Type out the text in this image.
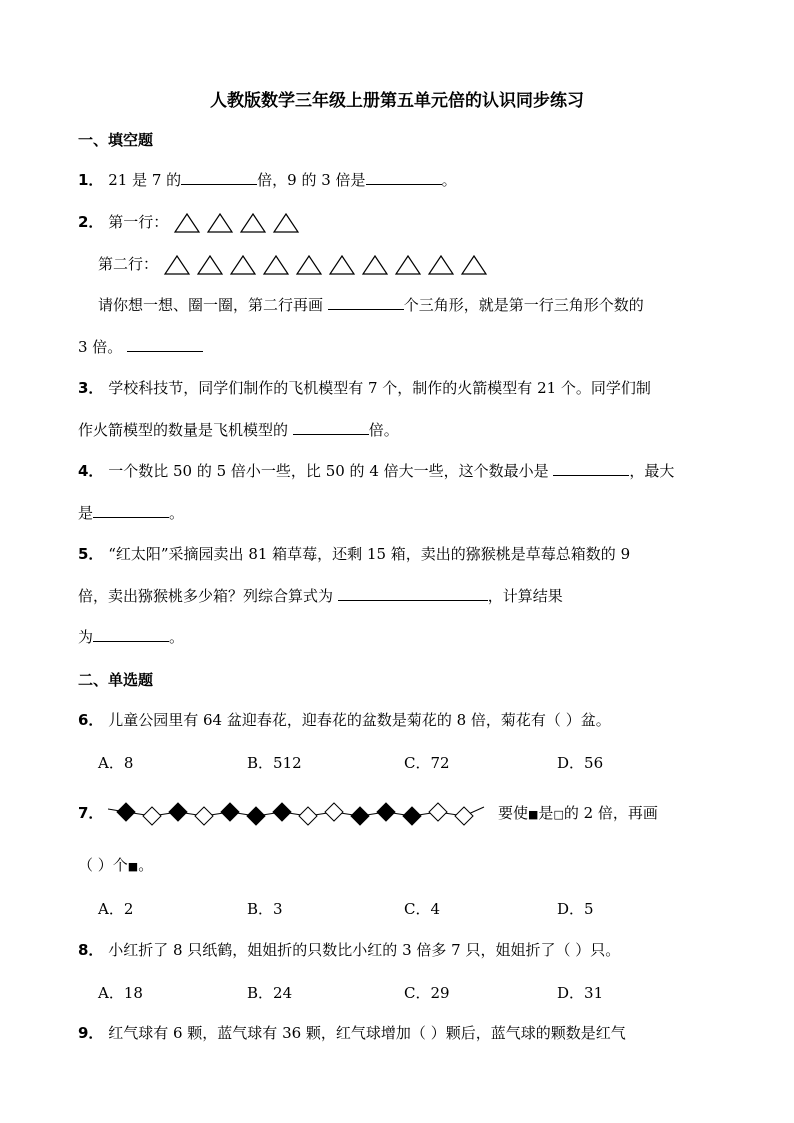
人教版数学三年级上册第五单元倍的认识同步练习
一、填空题
1． 21 是 7 的	倍，9 的 3 倍是	。
2． 第一行：
第二行：
请你想一想、圈一圈，第二行再画	个三角形，就是第一行三角形个数的
3 倍。
3． 学校科技节，同学们制作的飞机模型有 7 个，制作的火箭模型有 21 个。同学们制
作火箭模型的数量是飞机模型的	倍。
4． 一个数比 50 的 5 倍小一些，比 50 的 4 倍大一些，这个数最小是	，最大
是	。
5． “红太阳”采摘园卖出 81 箱草莓，还剩 15 箱，卖出的猕猴桃是草莓总箱数的 9
倍，卖出猕猴桃多少箱？列综合算式为	，计算结果
为	。
二、单选题
6． 儿童公园里有 64 盆迎春花，迎春花的盆数是菊花的 8 倍，菊花有（ ）盆。
A．8	B．512	C．72	D．56
7．	要使■是□的 2 倍，再画
（ ）个■。
A．2	B．3	C．4	D．5
8． 小红折了 8 只纸鹤，姐姐折的只数比小红的 3 倍多 7 只，姐姐折了（ ）只。
A．18	B．24	C．29	D．31
9． 红气球有 6 颗，蓝气球有 36 颗，红气球增加（ ）颗后，蓝气球的颗数是红气
